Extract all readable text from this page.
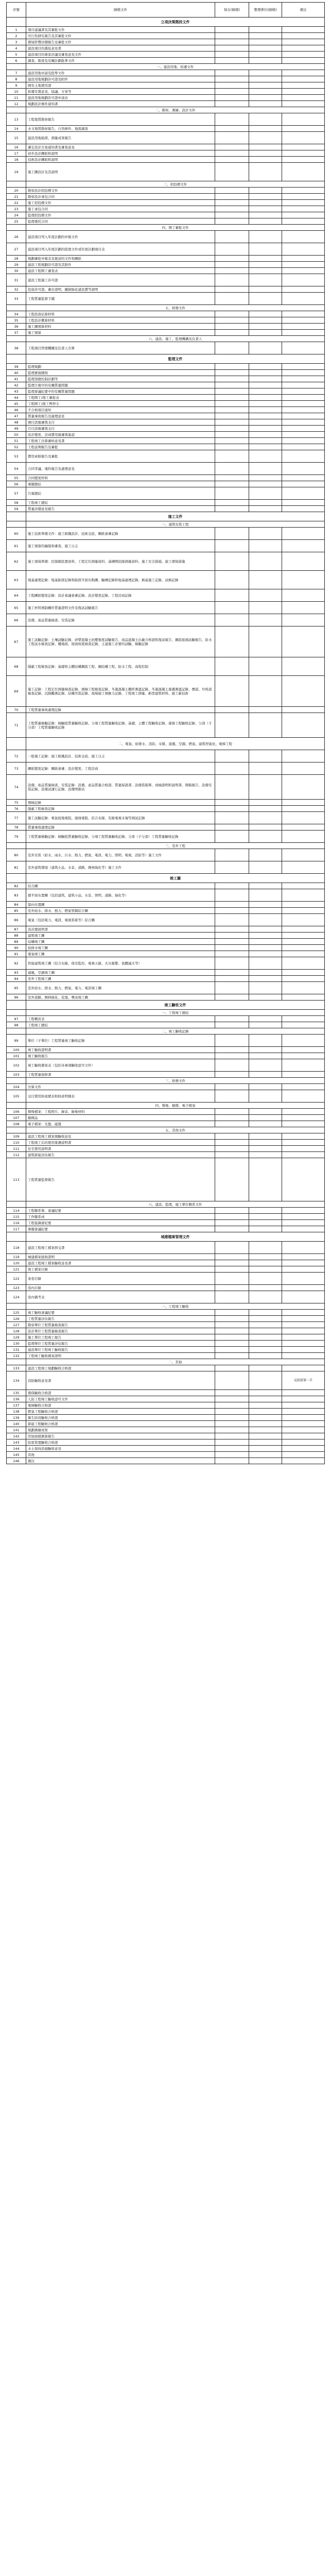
序號	歸檔文件	保存(歸檔)	整理單位(歸檔)	備注
	立項決策階段文件			
1	項目建議書及其審批文件			
2	可行性研究報告及其審批文件			
3	環境影響評價報告及審批文件			
4	建設項目的選址意見書			
5	建設項目的專家評議及審查意見文件			
6	調查、勘查及有關計劃批準文件			
	一、建設用地、拆遷文件			
7	建設用地申請及批準文件			
8	建設用地規劃許可證及附件			
9	國有土地使用證			
10	拆遷安置意見、協議、方案等			
11	建設用地規劃許可證申請表			
12	規劃設計條件通知書			
	二、勘察、測繪、設計文件			
13	工程地質勘察報告			
14	水文地質勘察報告、自然條件、地震調查			
15	建設用地鉆探、測量成果報告			
16	審定設計方案通知書及審查意見			
17	初步設計圖紙和說明			
18	技術設計圖紙和說明			
19	施工圖設計及其說明			
	三、招投標文件			
20	勘察設計招投標文件			
21	勘察設計承包合同			
22	施工招投標文件			
23	施工承包合同			
24	監理招投標文件			
25	監理委托合同			
	四、開工審批文件			
26	建設項目列入年度計劃的申報文件			
27	建設項目列入年度計劃的批復文件或年度計劃項目表			
28	規劃審批申報表及報送的文件和圖紙			
29	建設工程規劃許可證及其附件			
30	建設工程開工審查表			
31	建設工程施工許可證			
32	投資許可證、審計證明、繳納綠化建設費等證明			
33	工程質量監督手續			
	五、財務文件			
34	工程投資估算材料			
35	工程設計概算材料			
36	施工圖預算材料			
37	施工預算			
	六、建設、施工、監理機構及負責人			
38	工程項目管理機構及負責人名單			
	監理文件			
39	監理規劃			
40	監理實施細則			
41	監理部總控制計劃等			
42	監理月報中的有關質量問題			
43	監理會議紀要中的有關質量問題			
44	工程開工/復工審批表			
45	工程開工/復工暫停令			
46	不合格項目通知			
47	質量事故報告及處理意見			
48	預付款報審與支付			
49	月付款報審與支付			
50	設計變更、洽商費用報審與簽認			
51	工程竣工決算審核意見書			
52	工程延期報告及審批			
53	費用索賠報告及審批			
54	合同爭議、違約報告及處理意見			
55	合同變更材料			
56	專題總結			
57	月報總結			
58	工程竣工總結			
59	質量評價意見報告			
	施工文件			
	一、建筑安裝工程			
60	施工技術準備文件：施工組織設計、技術交底、圖紙會審記錄			
61	施工預算的編制和審查、施工日志			
62	施工現場準備：控制網設置資料、工程定位測量資料、基槽開挖線測量資料、施工安全措施、施工環保措施			
63	地基處理記錄：地基鉆探記錄和鉆探平面布點圖、驗槽記錄和地基處理記錄、樁基施工記錄、試樁記錄			
64	工程圖紙變更記錄：設計會議會審記錄、設計變更記錄、工程洽商記錄			
65	施工材料預制構件質量證明文件及復試試驗報告			
66	設備、產品質量檢查、安裝記錄			
67	施工試驗記錄：土壤試驗記錄、砂漿混凝土抗壓強度試驗報告、商品混凝土出廠合格證和復試報告、鋼筋接頭試驗報告、防水工程試水檢查記錄、樓地面、屋面坡度檢查記錄、土建施工必要的試驗、檢驗記錄			
68	隱蔽工程檢查記錄：基礎和主體結構鋼筋工程、鋼結構工程、防水工程、高程控制			
69	施工記錄：工程定位測量檢查記錄、預檢工程檢查記錄、冬施混凝土攪拌測溫記錄、冬施混凝土養護測溫記錄、煙道、垃圾道檢查記錄、沉降觀測記錄、結構吊裝記錄、現場施工預應力記錄、工程竣工測量、新型建筑材料、施工新技術			
70	工程質量事故處理記錄			
71	工程質量檢驗記錄：檢驗批質量驗收記錄、分項工程質量驗收記錄、基礎、主體工程驗收記錄、幕墻工程驗收記錄、分部（子分部）工程質量驗收記錄			
	二、電氣、給排水、消防、采暖、通風、空調、燃氣、建筑智能化、電梯工程			
72	一般施工記錄：施工組織設計、技術交底、施工日志			
73	圖紙變更記錄：圖紙會審、設計變更、工程洽商			
74	設備、產品質量檢查、安裝記錄：設備、產品質量合格證、質量保證書、設備裝箱單、商檢證明和說明書、開箱報告、設備安裝記錄、設備試運行記錄、設備明細表			
75	預檢記錄			
76	隱蔽工程檢查記錄			
77	施工試驗記錄：電氣接地電阻、絕緣電阻、綜合布線、有線電視末端等測試記錄			
78	質量事故處理記錄			
79	工程質量檢驗記錄：檢驗批質量驗收記錄、分項工程質量驗收記錄、分部（子分部）工程質量驗收記錄			
	三、室外工程			
80	室外安裝（給水、雨水、污水、熱力、燃氣、電訊、電力、照明、電視、消防等）施工文件			
81	室外建筑環境（建筑小品、水景、道路、園林綠化等）施工文件			
	竣工圖			
82	綜合圖			
83	總平面布置圖（包括建筑、建筑小品、水景、照明、道路、綠化等）			
84	豎向布置圖			
85	室外給水、排水、熱力、燃氣管網綜合圖			
86	電氣（包括電力、電訊、電視系統等）綜合圖			
87	設計總說明書			
88	建筑竣工圖			
89	結構竣工圖			
90	給排水竣工圖			
91	電氣竣工圖			
92	智能建筑竣工圖（綜合布線、保安監控、電視天線、火災報警、氣體滅火等）			
93	通風、空調竣工圖			
94	室外工程竣工圖			
95	室外給水、排水、熱力、燃氣、電力、電訊竣工圖			
96	室外道路、園林綠化、花壇、噴泉竣工圖			
	竣工驗收文件			
	一、工程竣工總結			
97	工程概況表			
98	工程竣工總結			
	二、竣工驗收記錄			
99	單位（子單位）工程質量竣工驗收記錄			
100	竣工驗收證明書			
101	竣工驗收報告			
102	竣工驗收備案表（包括各專項驗收認可文件）			
103	工程質量保修書			
	三、財務文件			
104	決算文件			
105	交付使用財產總表和財產明細表			
	四、聲像、縮微、電子檔案			
106	聲像檔案：工程照片、錄音、錄像材料			
107	縮微品			
108	電子檔案：光盤、磁盤			
	五、其他文件			
109	建設工程竣工檔案預驗收意見			
110	工程竣工后的使用維護說明書			
111	住宅使用說明書			
112	建筑節能評估報告			
113	工程質量監督報告			
	六、建設、監理、施工單位聯系文件			
114	工程聯系單、會議紀要			
115	工作聯系函			
116	工程協調會紀要			
117	專題會議紀要			
	城建檔案管理文件			
118	建設工程竣工檔案移交書			
119	城建檔案接收證明			
120	建設工程竣工檔案驗收意見書			
121	竣工檔案目錄			
122	案卷目錄			
123	卷內目錄			
124	卷內備考表			
	一、工程竣工驗收			
125	竣工驗收會議紀要			
126	工程質量評估報告			
127	勘察單位工程質量檢查報告			
128	設計單位工程質量檢查報告			
129	施工單位工程竣工報告			
130	監理單位工程質量評估報告			
131	建設單位工程竣工驗收報告			
132	工程竣工驗收備案證明			
	二、其他			
133	建設工程竣工規劃驗收合格證			
134	消防驗收意見書			見結算第一手
135	環保驗收合格證			
136	人防工程竣工驗收認可文件			
137	電梯驗收合格證			
138	燃氣工程驗收合格證			
139	衛生防疫驗收合格證			
140	節能工程驗收合格證			
141	規劃測繪成果			
142	房屋面積測算報告			
143	防雷裝置驗收合格證			
144	水土保持設施驗收意見			
145	其他			
146	備注			
